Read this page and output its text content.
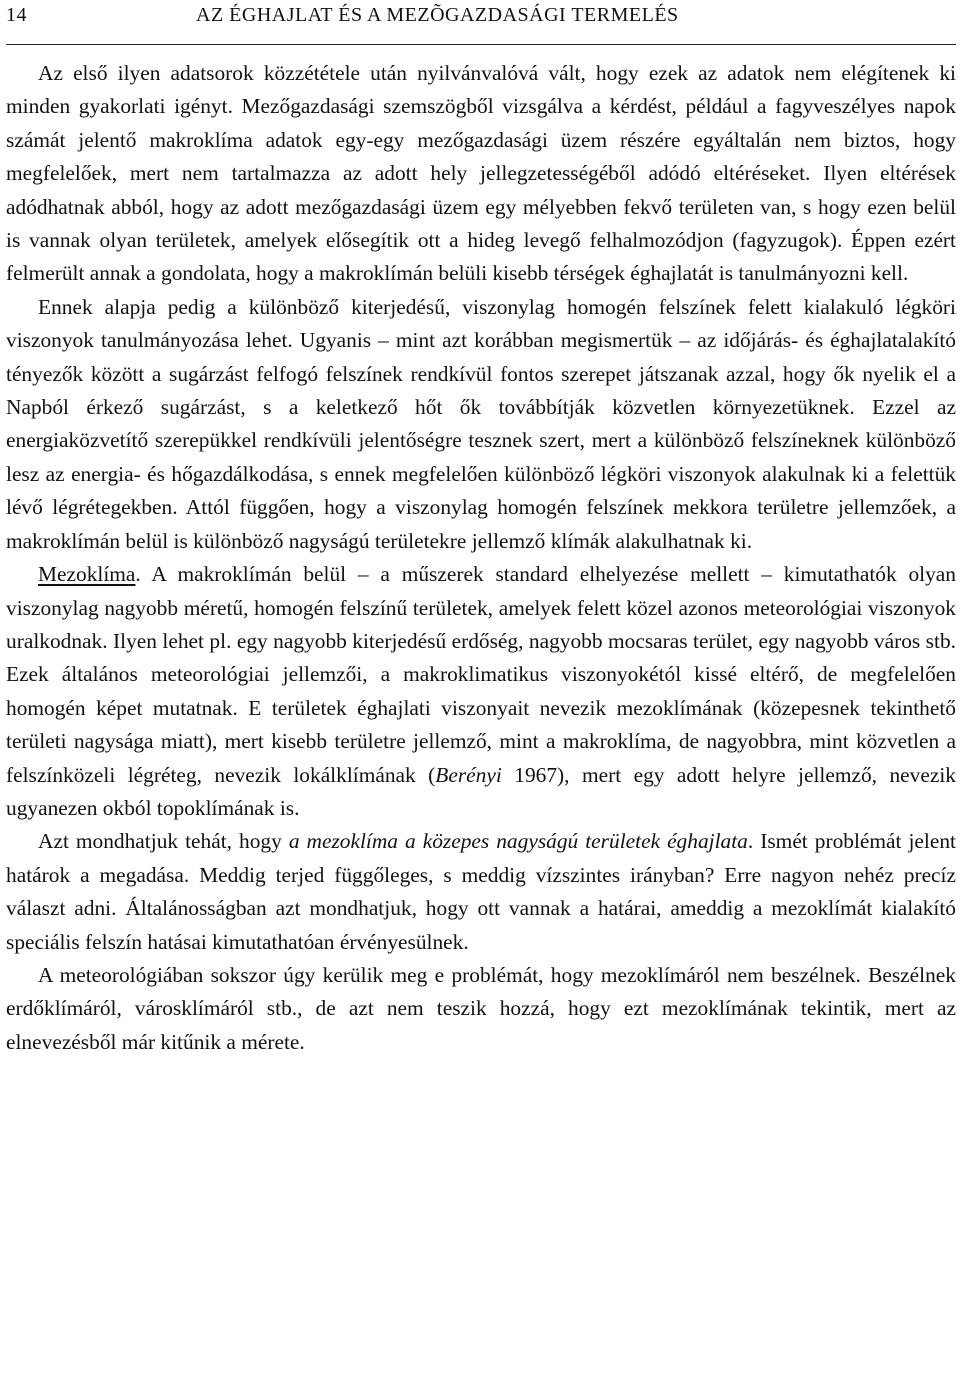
14	AZ ÉGHAJLAT ÉS A MEZÕGAZDASÁGI TERMELÉS

Az első ilyen adatsorok közzététele után nyilvánvalóvá vált, hogy ezek az adatok nem elégítenek ki minden gyakorlati igényt. Mezőgazdasági szemszögből vizsgálva a kérdést, például a fagyveszélyes napok számát jelentő makroklíma adatok egy-egy mezőgazdasági üzem részére egyáltalán nem biztos, hogy megfelelőek, mert nem tartalmazza az adott hely jellegzetességéből adódó eltéréseket. Ilyen eltérések adódhatnak abból, hogy az adott mezőgazdasági üzem egy mélyebben fekvő területen van, s hogy ezen belül is vannak olyan területek, amelyek elősegítik ott a hideg levegő felhalmozódjon (fagyzugok). Éppen ezért felmerült annak a gondolata, hogy a makroklímán belüli kisebb térségek éghajlatát is tanulmányozni kell.

Ennek alapja pedig a különböző kiterjedésű, viszonylag homogén felszínek felett kialakuló légköri viszonyok tanulmányozása lehet. Ugyanis – mint azt korábban megismertük – az időjárás- és éghajlatalakító tényezők között a sugárzást felfogó felszínek rendkívül fontos szerepet játszanak azzal, hogy ők nyelik el a Napból érkező sugárzást, s a keletkező hőt ők továbbítják közvetlen környezetüknek. Ezzel az energiaközvetítő szerepükkel rendkívüli jelentőségre tesznek szert, mert a különböző felszíneknek különböző lesz az energia- és hőgazdálkodása, s ennek megfelelően különböző légköri viszonyok alakulnak ki a felettük lévő légrétegekben. Attól függően, hogy a viszonylag homogén felszínek mekkora területre jellemzőek, a makroklímán belül is különböző nagyságú területekre jellemző klímák alakulhatnak ki.

Mezoklíma. A makroklímán belül – a műszerek standard elhelyezése mellett – kimutathatók olyan viszonylag nagyobb méretű, homogén felszínű területek, amelyek felett közel azonos meteorológiai viszonyok uralkodnak. Ilyen lehet pl. egy nagyobb kiterjedésű erdőség, nagyobb mocsaras terület, egy nagyobb város stb. Ezek általános meteorológiai jellemzői, a makroklimatikus viszonyokétól kissé eltérő, de megfelelően homogén képet mutatnak. E területek éghajlati viszonyait nevezik mezoklímának (közepesnek tekinthető területi nagysága miatt), mert kisebb területre jellemző, mint a makroklíma, de nagyobbra, mint közvetlen a felszínközeli légréteg, nevezik lokálklímának (Berényi 1967), mert egy adott helyre jellemző, nevezik ugyanezen okból topoklímának is.

Azt mondhatjuk tehát, hogy a mezoklíma a közepes nagyságú területek éghajlata. Ismét problémát jelent határok a megadása. Meddig terjed függőleges, s meddig vízszintes irányban? Erre nagyon nehéz precíz választ adni. Általánosságban azt mondhatjuk, hogy ott vannak a határai, ameddig a mezoklímát kialakító speciális felszín hatásai kimutathatóan érvényesülnek.

A meteorológiában sokszor úgy kerülik meg e problémát, hogy mezoklímáról nem beszélnek. Beszélnek erdőklímáról, városklímáról stb., de azt nem teszik hozzá, hogy ezt mezoklímának tekintik, mert az elnevezésből már kitűnik a mérete.
